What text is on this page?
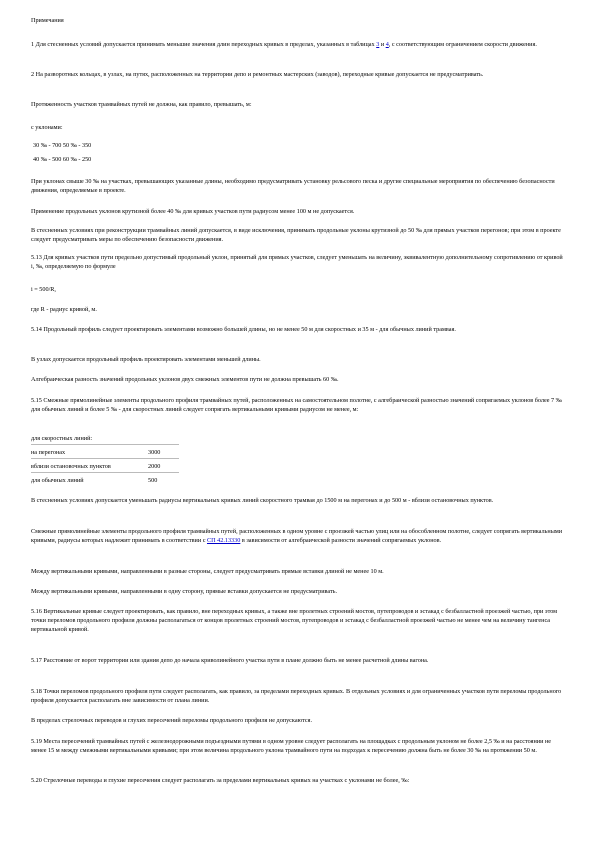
Примечания

1 Для стесненных условий допускается принимать меньшие значения длин переходных кривых в пределах, указанных в таблицах 3 и 4, с соответствующим ограничением скорости движения.

2 На разворотных кольцах, в узлах, на путях, расположенных на территории депо и ремонтных мастерских (заводов), переходные кривые допускается не предусматривать.

Протяженность участков трамвайных путей не должна, как правило, превышать, м:

с уклонами:

30 ‰ - 700 50 ‰ - 350

40 ‰ - 500 60 ‰ - 250

При уклонах свыше 30 ‰ на участках, превышающих указанные длины, необходимо предусматривать установку рельсового песка и другие специальные мероприятия по обеспечению безопасности движения, определяемые в проекте.

Применение продольных уклонов крутизной более 40 ‰ для кривых участков пути радиусом менее 100 м не допускается.

В стесненных условиях при реконструкции трамвайных линий допускается, в виде исключения, принимать продольные уклоны крутизной до 50 ‰ для прямых участков перегонов; при этом в проекте следует предусматривать меры по обеспечению безопасности движения.

5.13 Для кривых участков пути предельно допустимый продольный уклон, принятый для прямых участков, следует уменьшать на величину, эквивалентную дополнительному сопротивлению от кривой i, ‰, определяемую по формуле

i = 500/R,

где R - радиус кривой, м.

5.14 Продольный профиль следует проектировать элементами возможно большей длины, но не менее 50 м для скоростных и 35 м - для обычных линий трамвая.

В узлах допускается продольный профиль проектировать элементами меньшей длины.

Алгебраическая разность значений продольных уклонов двух смежных элементов пути не должна превышать 60 ‰.

5.15 Смежные прямолинейные элементы продольного профиля трамвайных путей, расположенных на самостоятельном полотне, с алгебраической разностью значений сопрягаемых уклонов более 7 ‰ для обычных линий и более 5 ‰ - для скоростных линий следует сопрягать вертикальными кривыми радиусом не менее, м:

для скоростных линий:
на перегонах	3000
вблизи остановочных пунктов	2000
для обычных линий	500

В стесненных условиях допускается уменьшать радиусы вертикальных кривых линий скоростного трамвая до 1500 м на перегонах и до 500 м - вблизи остановочных пунктов.

Смежные прямолинейные элементы продольного профиля трамвайных путей, расположенных в одном уровне с проезжей частью улиц или на обособленном полотне, следует сопрягать вертикальными кривыми, радиусы которых надлежит принимать в соответствии с СП 42.13330 в зависимости от алгебраической разности значений сопрягаемых уклонов.

Между вертикальными кривыми, направленными в разные стороны, следует предусматривать прямые вставки длиной не менее 10 м.

Между вертикальными кривыми, направленными в одну сторону, прямые вставки допускается не предусматривать.

5.16 Вертикальные кривые следует проектировать, как правило, вне переходных кривых, а также вне пролетных строений мостов, путепроводов и эстакад с безбалластной проезжей частью, при этом точки переломов продольного профиля должны располагаться от концов пролетных строений мостов, путепроводов и эстакад с безбалластной проезжей частью не менее чем на величину тангенса вертикальной кривой.

5.17 Расстояние от ворот территории или здания депо до начала криволинейного участка пути в плане должно быть не менее расчетной длины вагона.

5.18 Точки переломов продольного профиля пути следует располагать, как правило, за пределами переходных кривых. В отдельных условиях и для ограниченных участков пути переломы продольного профиля допускается располагать вне зависимости от плана линии.

В пределах стрелочных переводов и глухих пересечений переломы продольного профиля не допускаются.

5.19 Места пересечений трамвайных путей с железнодорожными подъездными путями в одном уровне следует располагать на площадках с продольным уклоном не более 2,5 ‰ и на расстоянии не менее 15 м между смежными вертикальными кривыми; при этом величина продольного уклона трамвайного пути на подходах к пересечению должна быть не более 30 ‰ на протяжении 50 м.

5.20 Стрелочные переводы и глухие пересечения следует располагать за пределами вертикальных кривых на участках с уклонами не более, ‰:
